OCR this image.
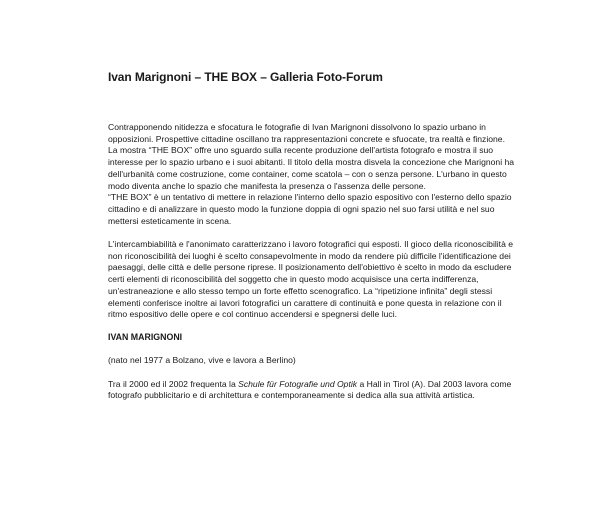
Ivan Marignoni – THE BOX – Galleria Foto-Forum

Contrapponendo nitidezza e sfocatura le fotografie di Ivan Marignoni dissolvono lo spazio urbano in opposizioni. Prospettive cittadine oscillano tra rappresentazioni concrete e sfuocate, tra realtà e finzione.

La mostra “THE BOX” offre uno sguardo sulla recente produzione dell'artista fotografo e mostra il suo interesse per lo spazio urbano e i suoi abitanti. Il titolo della mostra disvela la concezione che Marignoni ha dell'urbanità come costruzione, come container, come scatola – con o senza persone. L'urbano in questo modo diventa anche lo spazio che manifesta la presenza o l'assenza delle persone.

“THE BOX” è un tentativo di mettere in relazione l'interno dello spazio espositivo con l'esterno dello spazio cittadino e di analizzare in questo modo la funzione doppia di ogni spazio nel suo farsi utilità e nel suo mettersi esteticamente in scena.

L'intercambiabilità e l'anonimato caratterizzano i lavoro fotografici qui esposti. Il gioco della riconoscibilità e non riconoscibilità dei luoghi è scelto consapevolmente in modo da rendere più difficile l'identificazione dei paesaggi, delle città e delle persone riprese. Il posizionamento dell'obiettivo è scelto in modo da escludere certi elementi di riconoscibilità del soggetto che in questo modo acquisisce una certa indifferenza, un'estraneazione e allo stesso tempo un forte effetto scenografico. La “ripetizione infinita” degli stessi elementi conferisce inoltre ai lavori fotografici un carattere di continuità e pone questa in relazione con il ritmo espositivo delle opere e col continuo accendersi e spegnersi delle luci.

IVAN MARIGNONI

(nato nel 1977 a Bolzano, vive e lavora a Berlino)

Tra il 2000 ed il 2002 frequenta la Schule für Fotografie und Optik a Hall in Tirol (A). Dal 2003 lavora come fotografo pubblicitario e di architettura e contemporaneamente si dedica alla sua attività artistica.
